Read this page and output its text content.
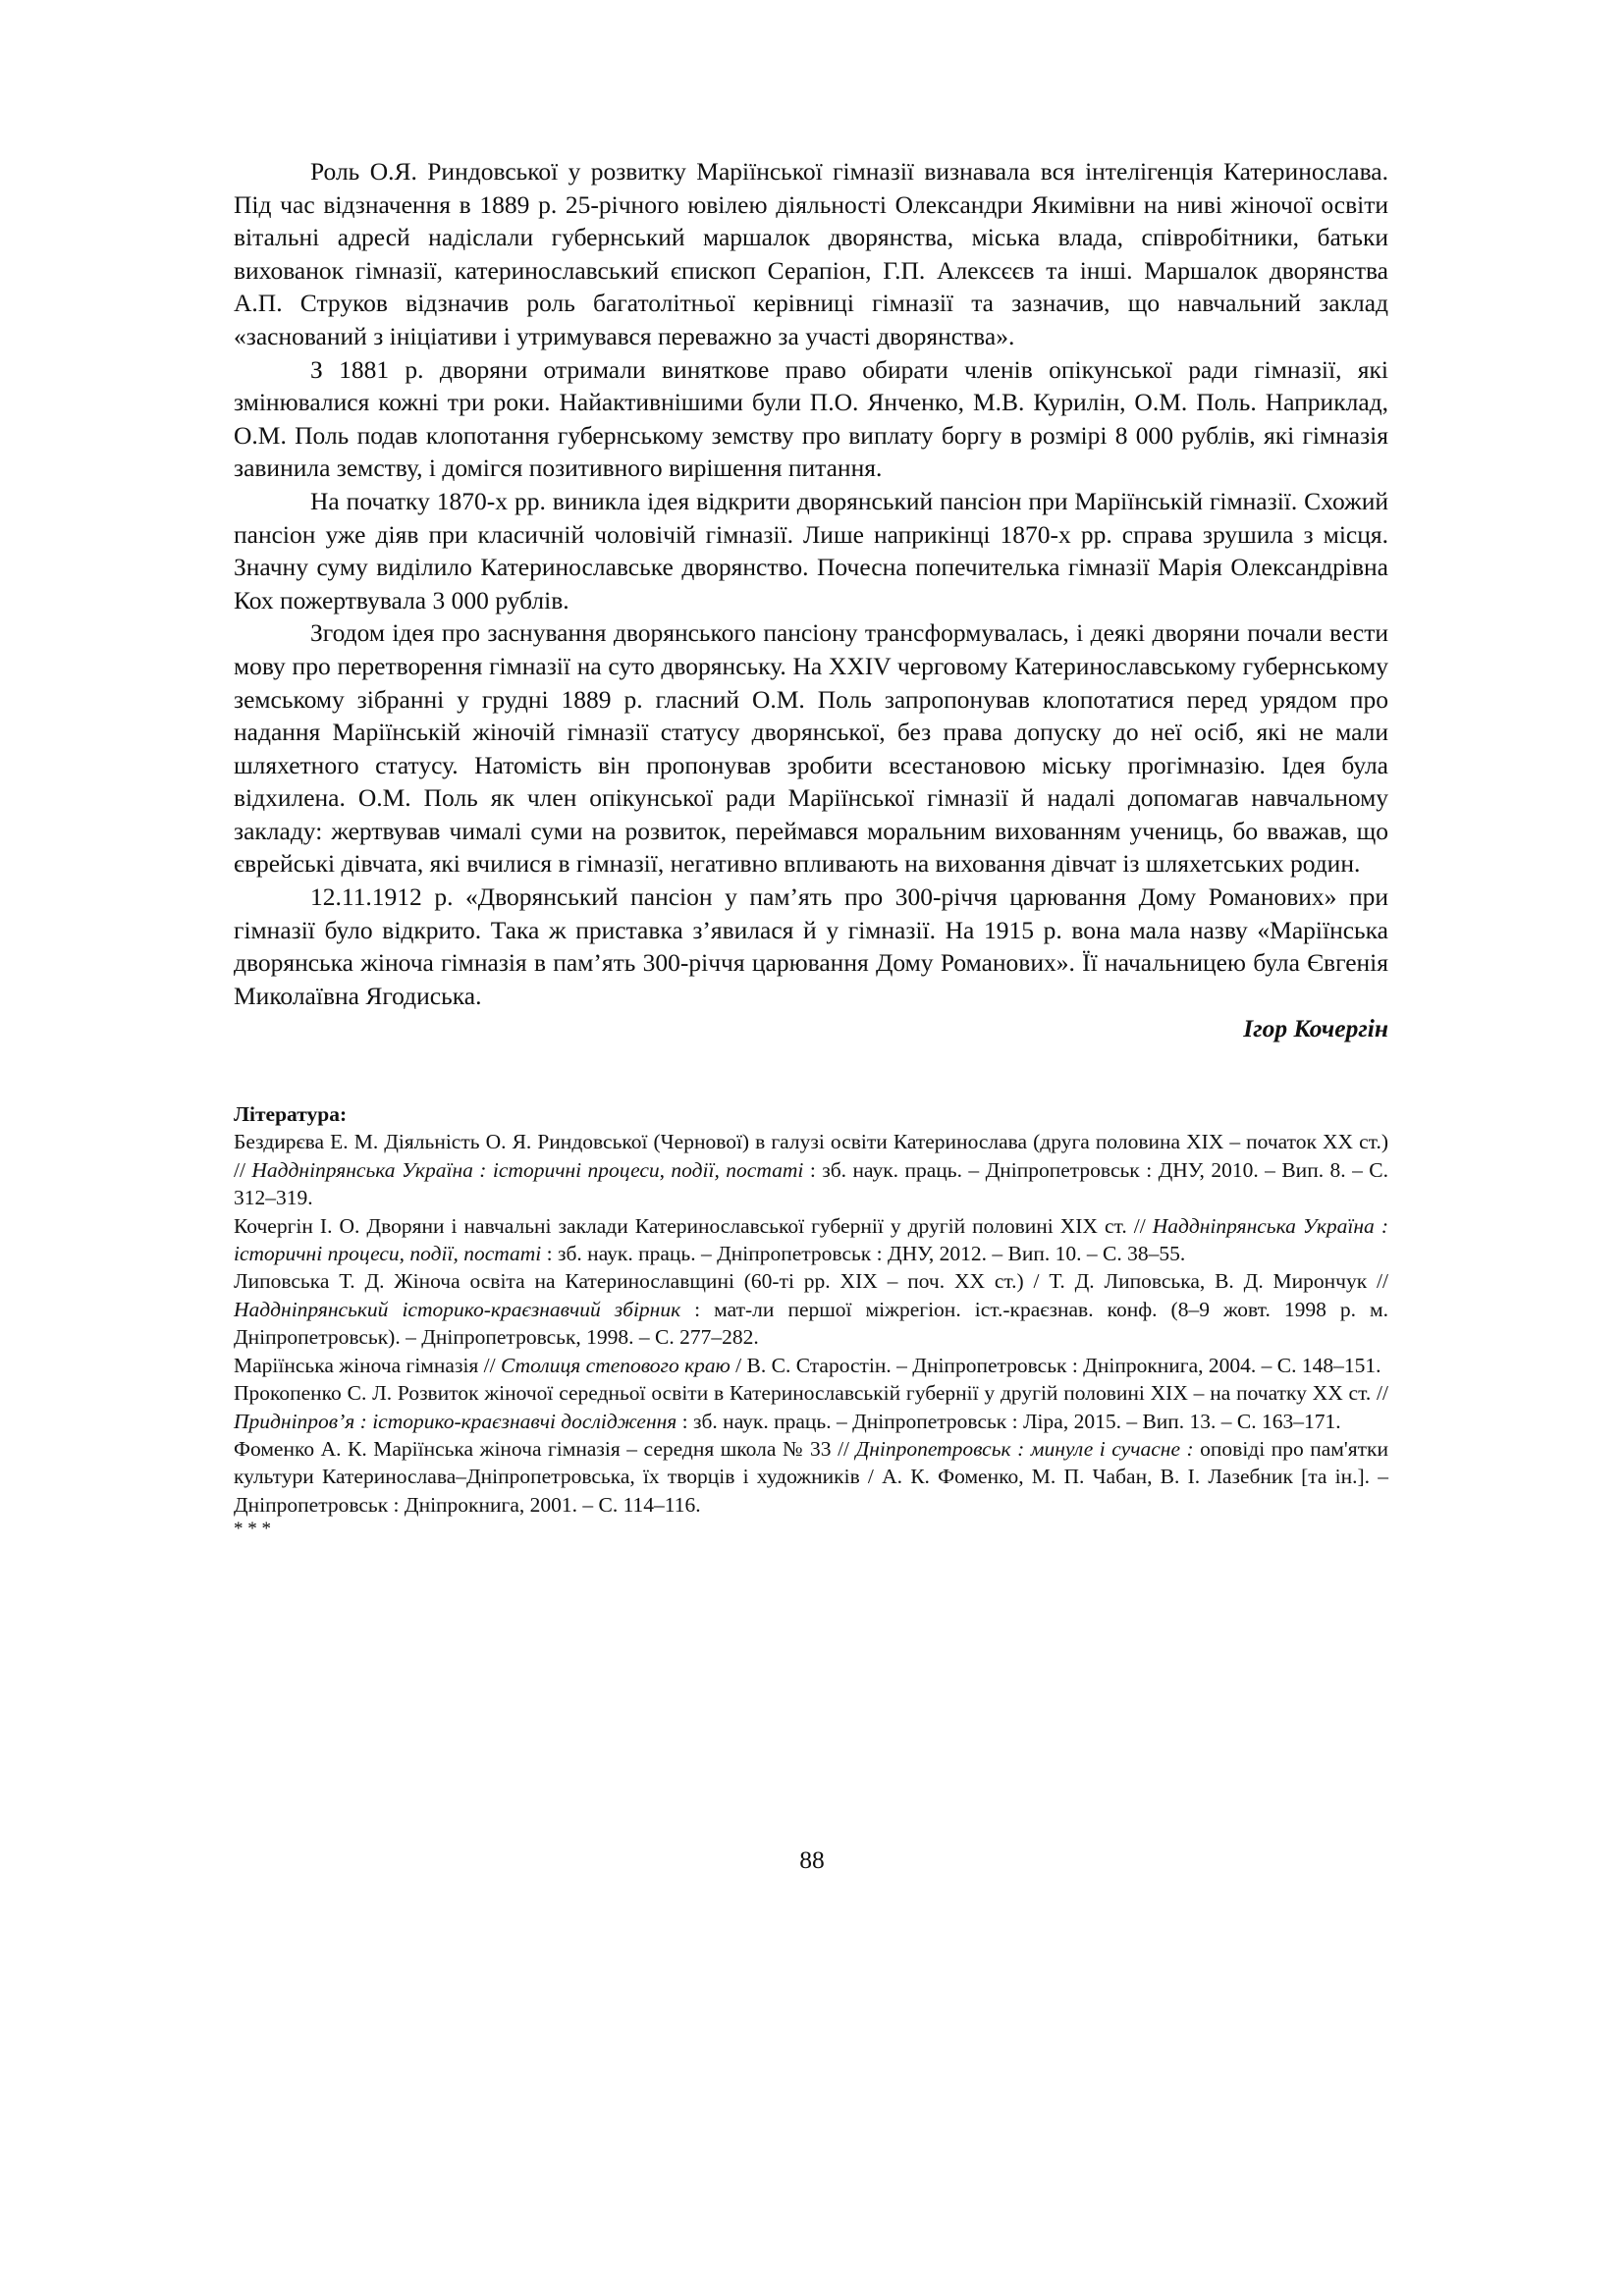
Роль О.Я. Риндовської у розвитку Маріїнської гімназії визнавала вся інтелігенція Катеринослава. Під час відзначення в 1889 р. 25-річного ювілею діяльності Олександри Якимівни на ниві жіночої освіти вітальні адресй надіслали губернський маршалок дворянства, міська влада, співробітники, батьки вихованок гімназії, катеринославський єпископ Серапіон, Г.П. Алексєєв та інші. Маршалок дворянства А.П. Струков відзначив роль багатолітньої керівниці гімназії та зазначив, що навчальний заклад «заснований з ініціативи і утримувався переважно за участі дворянства».

З 1881 р. дворяни отримали виняткове право обирати членів опікунської ради гімназії, які змінювалися кожні три роки. Найактивнішими були П.О. Янченко, М.В. Курилін, О.М. Поль. Наприклад, О.М. Поль подав клопотання губернському земству про виплату боргу в розмірі 8 000 рублів, які гімназія завинила земству, і домігся позитивного вирішення питання.

На початку 1870-х рр. виникла ідея відкрити дворянський пансіон при Маріїнській гімназії. Схожий пансіон уже діяв при класичній чоловічій гімназії. Лише наприкінці 1870-х рр. справа зрушила з місця. Значну суму виділило Катеринославське дворянство. Почесна попечителька гімназії Марія Олександрівна Кох пожертвувала 3 000 рублів.

Згодом ідея про заснування дворянського пансіону трансформувалась, і деякі дворяни почали вести мову про перетворення гімназії на суто дворянську. На XXIV черговому Катеринославському губернському земському зібранні у грудні 1889 р. гласний О.М. Поль запропонував клопотатися перед урядом про надання Маріїнській жіночій гімназії статусу дворянської, без права допуску до неї осіб, які не мали шляхетного статусу. Натомість він пропонував зробити всестановою міську прогімназію. Ідея була відхилена. О.М. Поль як член опікунської ради Маріїнської гімназії й надалі допомагав навчальному закладу: жертвував чималі суми на розвиток, переймався моральним вихованням учениць, бо вважав, що єврейські дівчата, які вчилися в гімназії, негативно впливають на виховання дівчат із шляхетських родин.

12.11.1912 р. «Дворянський пансіон у пам’ять про 300-річчя царювання Дому Романових» при гімназії було відкрито. Така ж приставка з’явилася й у гімназії. На 1915 р. вона мала назву «Маріїнська дворянська жіноча гімназія в пам’ять 300-річчя царювання Дому Романових». Її начальницею була Євгенія Миколаївна Ягодиська.

Ігор Кочергін

Література:

Бездирєва Е. М. Діяльність О. Я. Риндовської (Чернової) в галузі освіти Катеринослава (друга половина XIX – початок XX ст.) // Наддніпрянська Україна : історичні процеси, події, постаті : зб. наук. праць. – Дніпропетровськ : ДНУ, 2010. – Вип. 8. – С. 312–319.

Кочергін І. О. Дворяни і навчальні заклади Катеринославської губернії у другій половині XIX ст. // Наддніпрянська Україна : історичні процеси, події, постаті : зб. наук. праць. – Дніпропетровськ : ДНУ, 2012. – Вип. 10. – С. 38–55.

Липовська Т. Д. Жіноча освіта на Катеринославщині (60-ті рр. XIX – поч. XX ст.) / Т. Д. Липовська, В. Д. Мирончук // Наддніпрянський історико-краєзнавчий збірник : мат-ли першої міжрегіон. іст.-краєзнав. конф. (8–9 жовт. 1998 р. м. Дніпропетровськ). – Дніпропетровськ, 1998. – С. 277–282.

Маріїнська жіноча гімназія // Столиця степового краю / В. С. Старостін. – Дніпропетровськ : Дніпрокнига, 2004. – С. 148–151.

Прокопенко С. Л. Розвиток жіночої середньої освіти в Катеринославській губернії у другій половині XIX – на початку XX ст. // Придніпров’я : історико-краєзнавчі дослідження : зб. наук. праць. – Дніпропетровськ : Ліра, 2015. – Вип. 13. – С. 163–171.

Фоменко А. К. Маріїнська жіноча гімназія – середня школа № 33 // Дніпропетровськ : минуле і сучасне : оповіді про пам'ятки культури Катеринослава–Дніпропетровська, їх творців і художників / А. К. Фоменко, М. П. Чабан, В. І. Лазебник [та ін.]. – Дніпропетровськ : Дніпрокнига, 2001. – С. 114–116.

* * *

88
